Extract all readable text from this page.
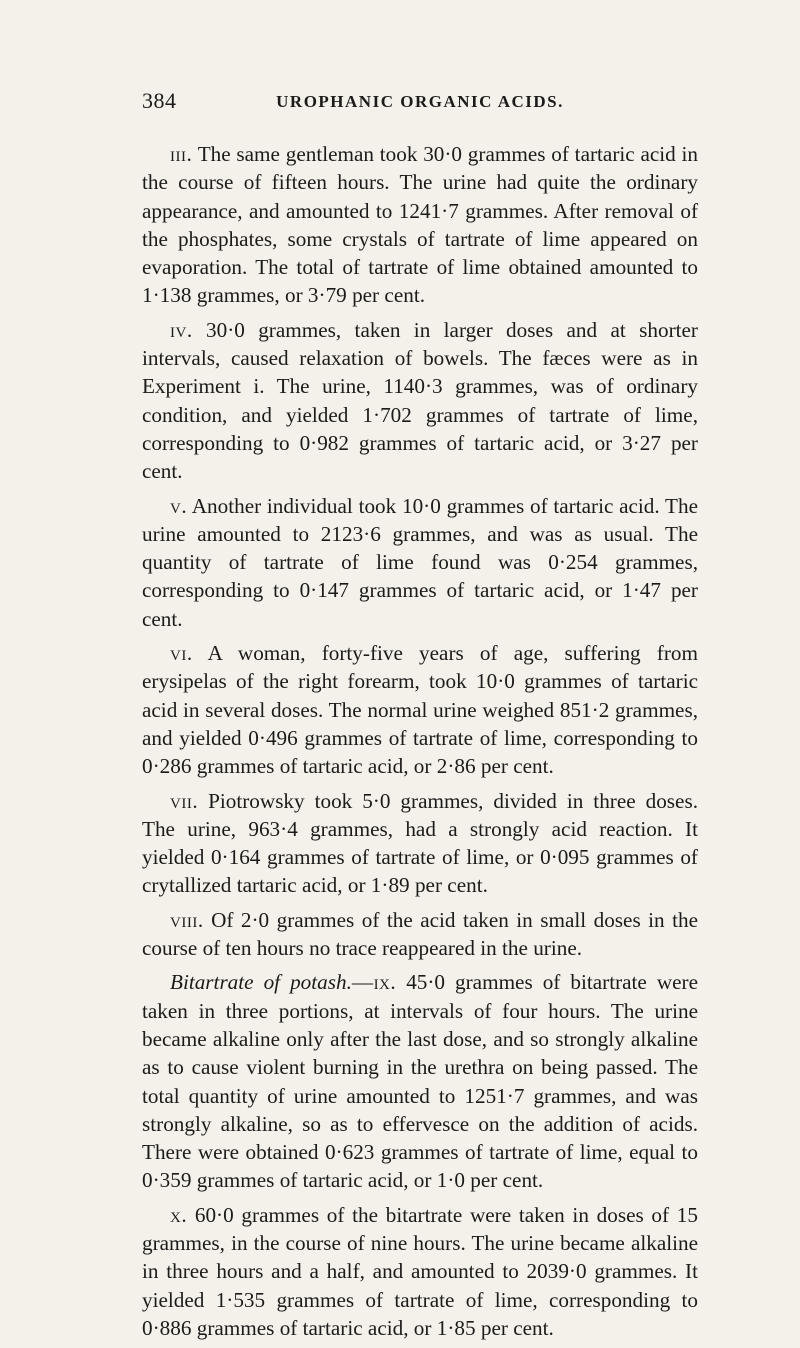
384	UROPHANIC ORGANIC ACIDS.

iii. The same gentleman took 30·0 grammes of tartaric acid in the course of fifteen hours. The urine had quite the ordinary appearance, and amounted to 1241·7 grammes. After removal of the phosphates, some crystals of tartrate of lime appeared on evaporation. The total of tartrate of lime obtained amounted to 1·138 grammes, or 3·79 per cent.

iv. 30·0 grammes, taken in larger doses and at shorter intervals, caused relaxation of bowels. The fæces were as in Experiment i. The urine, 1140·3 grammes, was of ordinary condition, and yielded 1·702 grammes of tartrate of lime, corresponding to 0·982 grammes of tartaric acid, or 3·27 per cent.

v. Another individual took 10·0 grammes of tartaric acid. The urine amounted to 2123·6 grammes, and was as usual. The quantity of tartrate of lime found was 0·254 grammes, corresponding to 0·147 grammes of tartaric acid, or 1·47 per cent.

vi. A woman, forty-five years of age, suffering from erysipelas of the right forearm, took 10·0 grammes of tartaric acid in several doses. The normal urine weighed 851·2 grammes, and yielded 0·496 grammes of tartrate of lime, corresponding to 0·286 grammes of tartaric acid, or 2·86 per cent.

vii. Piotrowsky took 5·0 grammes, divided in three doses. The urine, 963·4 grammes, had a strongly acid reaction. It yielded 0·164 grammes of tartrate of lime, or 0·095 grammes of crytallized tartaric acid, or 1·89 per cent.

viii. Of 2·0 grammes of the acid taken in small doses in the course of ten hours no trace reappeared in the urine.

Bitartrate of potash.—ix. 45·0 grammes of bitartrate were taken in three portions, at intervals of four hours. The urine became alkaline only after the last dose, and so strongly alkaline as to cause violent burning in the urethra on being passed. The total quantity of urine amounted to 1251·7 grammes, and was strongly alkaline, so as to effervesce on the addition of acids. There were obtained 0·623 grammes of tartrate of lime, equal to 0·359 grammes of tartaric acid, or 1·0 per cent.

x. 60·0 grammes of the bitartrate were taken in doses of 15 grammes, in the course of nine hours. The urine became alkaline in three hours and a half, and amounted to 2039·0 grammes. It yielded 1·535 grammes of tartrate of lime, corresponding to 0·886 grammes of tartaric acid, or 1·85 per cent.
